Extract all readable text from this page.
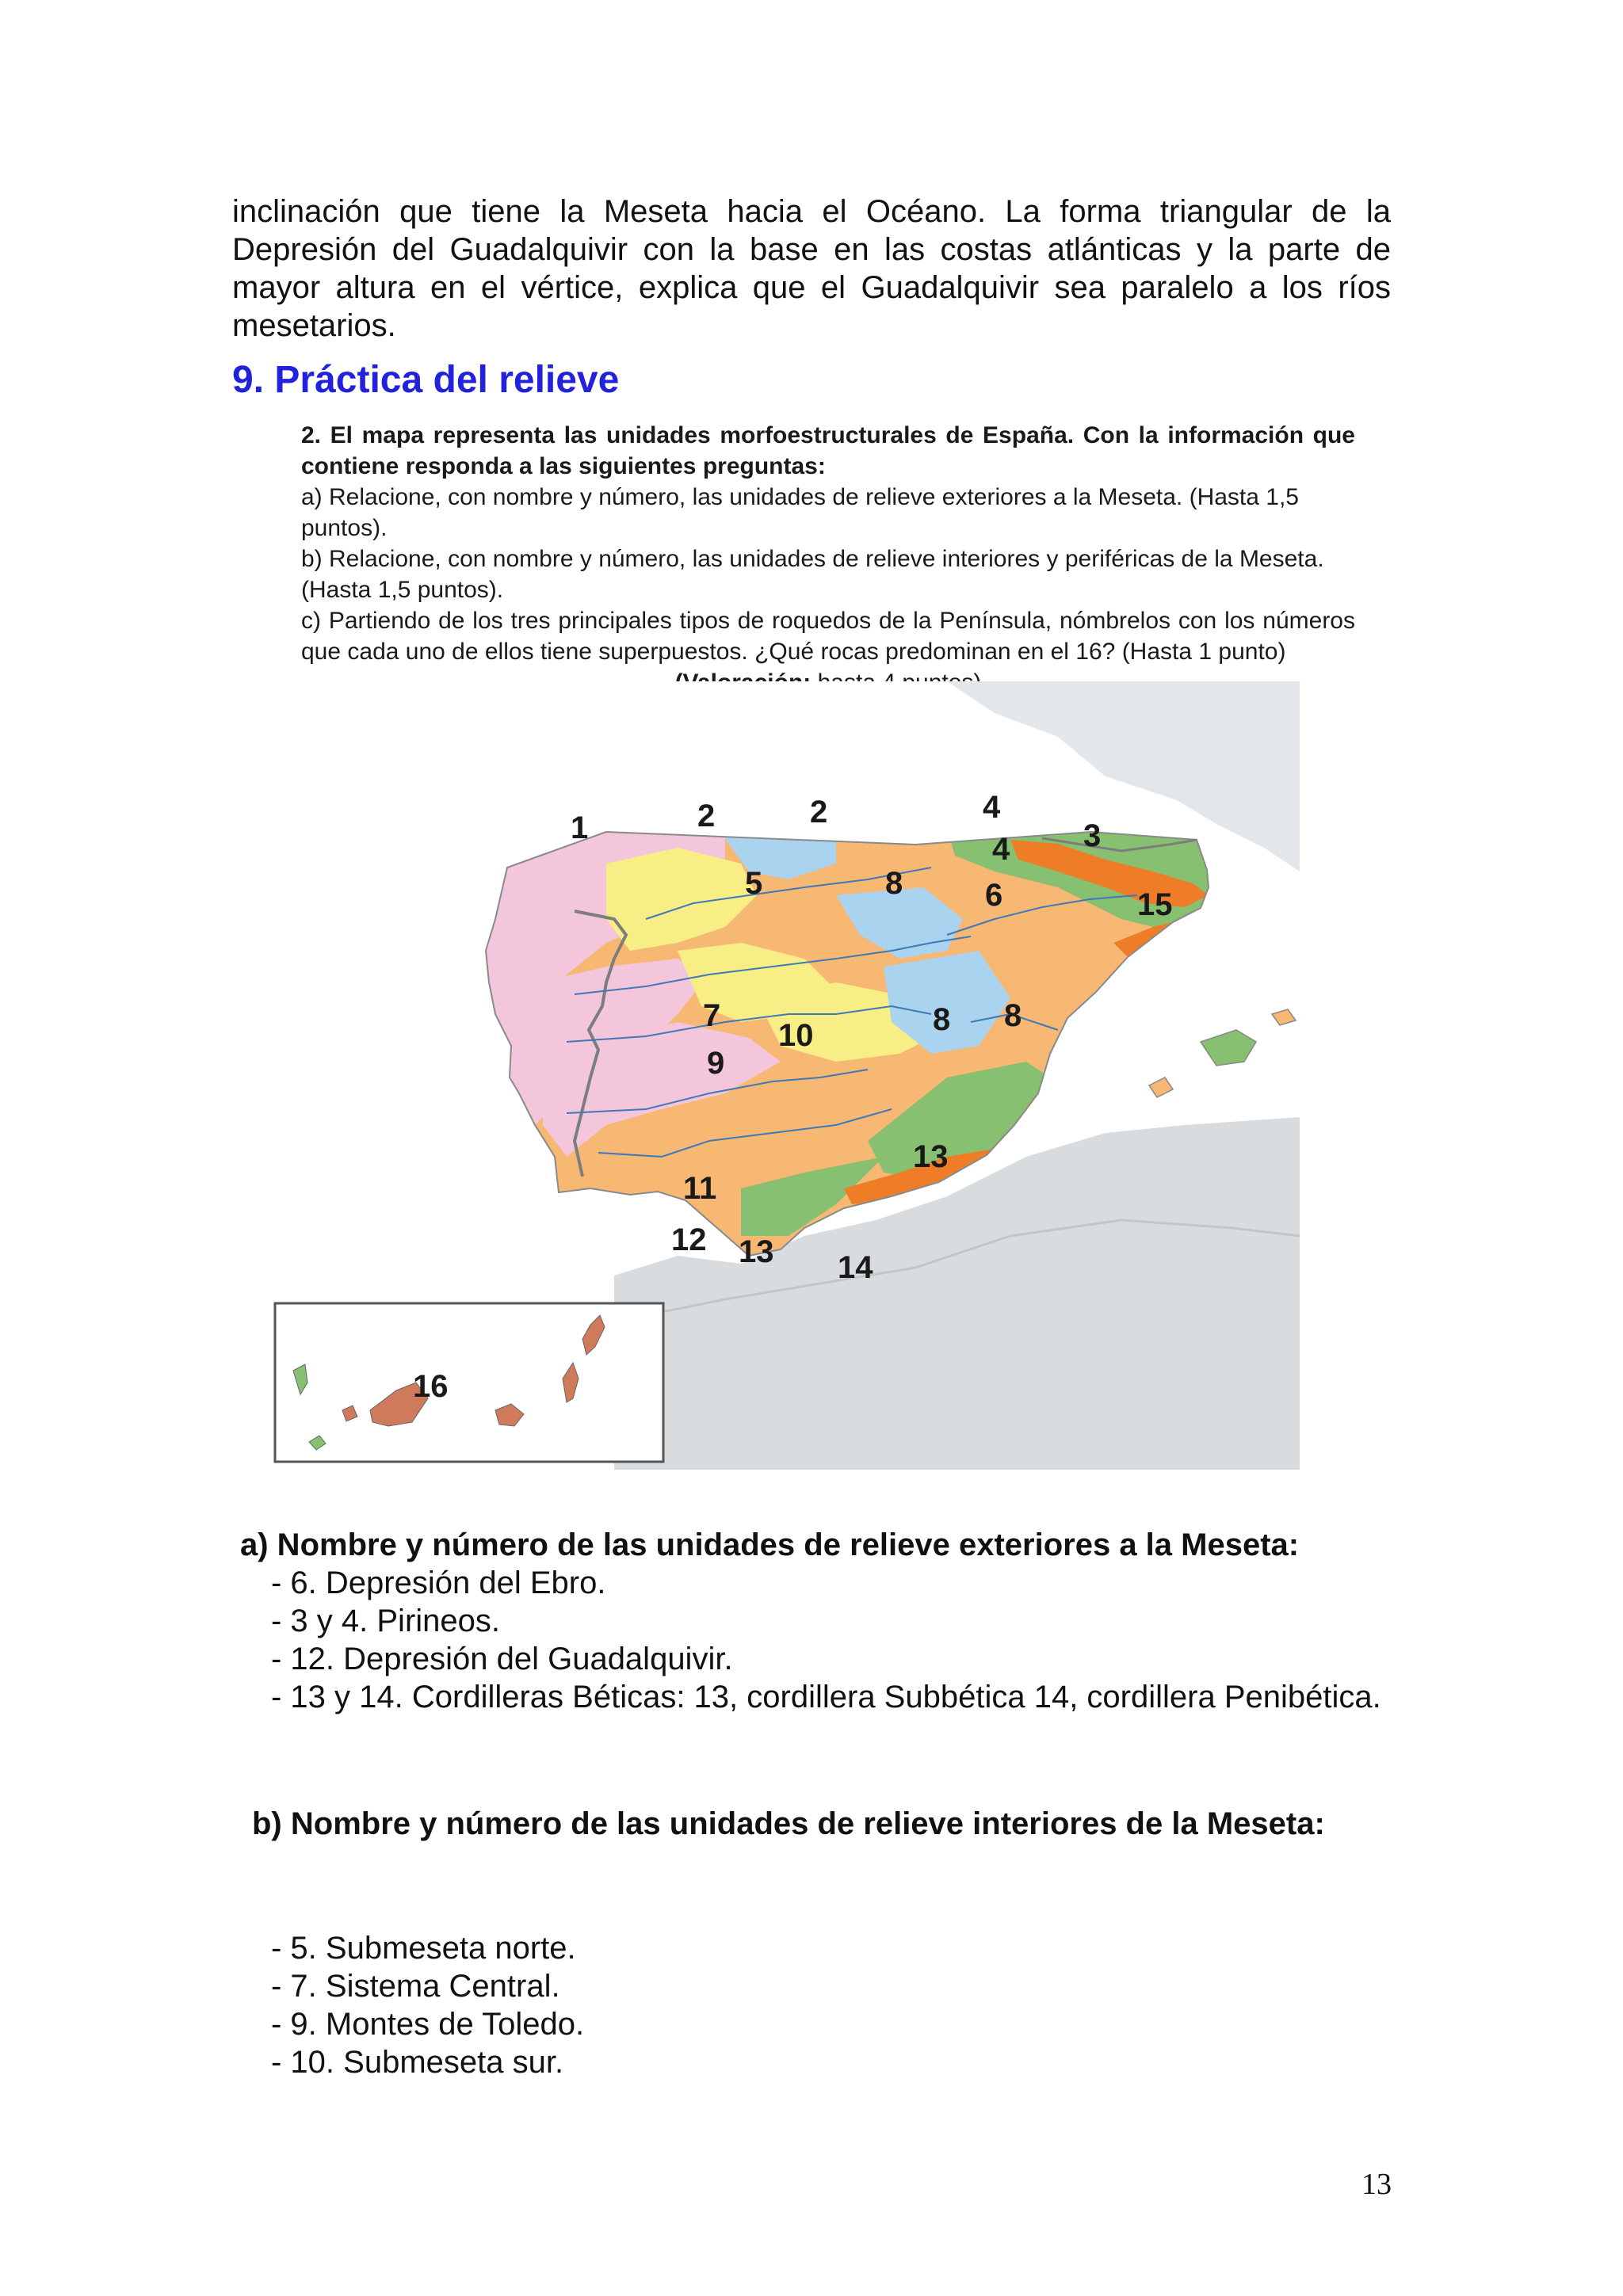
inclinación que tiene la Meseta hacia el Océano. La forma triangular de la Depresión del Guadalquivir con la base en las costas atlánticas y la parte de mayor altura en el vértice, explica que el Guadalquivir sea paralelo a los ríos mesetarios.
9. Práctica del relieve
2. El mapa representa las unidades morfoestructurales de España. Con la información que contiene responda a las siguientes preguntas:
a) Relacione, con nombre y número, las unidades de relieve exteriores a la Meseta. (Hasta 1,5 puntos).
b) Relacione, con nombre y número, las unidades de relieve interiores y periféricas de la Meseta.
(Hasta 1,5 puntos).
c) Partiendo de los tres principales tipos de roquedos de la Península, nómbrelos con los números que cada uno de ellos tiene superpuestos. ¿Qué rocas predominan en el 16? (Hasta 1 punto)
1	2	2	4
3
4
5	8	6	15
7	8 8
10
9
11
13
12 13 14
16
a) Nombre y número de las unidades de relieve exteriores a la Meseta:
- 6. Depresión del Ebro.
- 3 y 4. Pirineos.
- 12. Depresión del Guadalquivir.
- 13 y 14. Cordilleras Béticas: 13, cordillera Subbética 14, cordillera Penibética.
b) Nombre y número de las unidades de relieve interiores de la Meseta:
- 5. Submeseta norte.
- 7. Sistema Central.
- 9. Montes de Toledo.
- 10. Submeseta sur.
13
